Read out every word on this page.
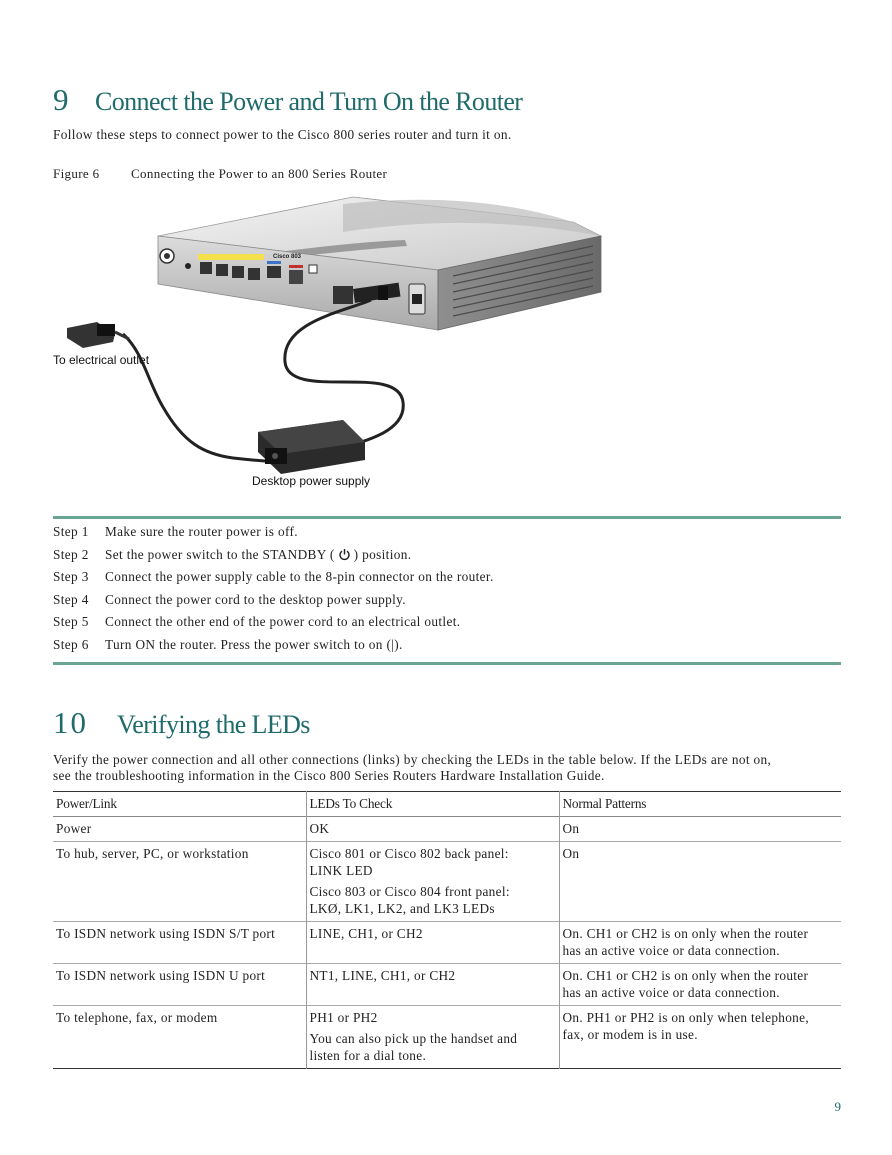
9 Connect the Power and Turn On the Router

Follow these steps to connect power to the Cisco 800 series router and turn it on.

Figure 6	Connecting the Power to an 800 Series Router
Cisco 803
To electrical outlet
Desktop power supply
Step 1	Make sure the router power is off.
Step 2	Set the power switch to the STANDBY ( ) position.
Step 3	Connect the power supply cable to the 8-pin connector on the router.
Step 4	Connect the power cord to the desktop power supply.
Step 5	Connect the other end of the power cord to an electrical outlet.
Step 6	Turn ON the router. Press the power switch to on (|).
10	Verifying the LEDs

Verify the power connection and all other connections (links) by checking the LEDs in the table below. If the LEDs are not on,

see the troubleshooting information in the Cisco 800 Series Routers Hardware Installation Guide.

Power/Link	LEDs To Check	Normal Patterns
Power	OK	On

To hub, server, PC, or workstation	Cisco 801 or Cisco 802 back panel:
LINK LED
Cisco 803 or Cisco 804 front panel:
LKØ, LK1, LK2, and LK3 LEDs	On

To ISDN network using ISDN S/T port	LINE, CH1, or CH2	On. CH1 or CH2 is on only when the router
has an active voice or data connection.

To ISDN network using ISDN U port	NT1, LINE, CH1, or CH2	On. CH1 or CH2 is on only when the router
has an active voice or data connection.

To telephone, fax, or modem	PH1 or PH2
You can also pick up the handset and
listen for a dial tone.	On. PH1 or PH2 is on only when telephone,
fax, or modem is in use.
9
